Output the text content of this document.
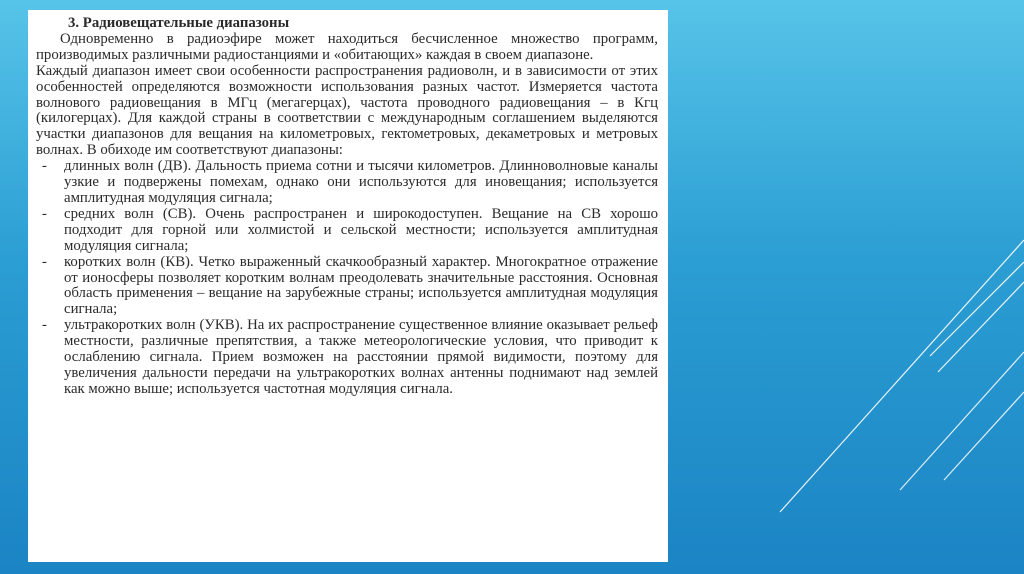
3. Радиовещательные диапазоны
Одновременно в радиоэфире может находиться бесчисленное множество программ, производимых различными радиостанциями и «обитающих» каждая в своем диапазоне.
Каждый диапазон имеет свои особенности распространения радиоволн, и в зависимости от этих особенностей определяются возможности использования разных частот. Измеряется частота волнового радиовещания в МГц (мегагерцах), частота проводного радиовещания – в Кгц (килогерцах). Для каждой страны в соответствии с международным соглашением выделяются участки диапазонов для вещания на километровых, гектометровых, декаметровых и метровых волнах. В обиходе им соответствуют диапазоны:
-	длинных волн (ДВ). Дальность приема сотни и тысячи километров. Длинноволновые каналы узкие и подвержены помехам, однако они используются для иновещания; используется амплитудная модуляция сигнала;
-	средних волн (СВ). Очень распространен и широкодоступен. Вещание на СВ хорошо подходит для горной или холмистой и сельской местности; используется амплитудная модуляция сигнала;
-	коротких волн (КВ). Четко выраженный скачкообразный характер. Многократное отражение от ионосферы позволяет коротким волнам преодолевать значительные расстояния. Основная область применения – вещание на зарубежные страны; используется амплитудная модуляция сигнала;
-	ультракоротких волн (УКВ). На их распространение существенное влияние оказывает рельеф местности, различные препятствия, а также метеорологические условия, что приводит к ослаблению сигнала. Прием возможен на расстоянии прямой видимости, поэтому для увеличения дальности передачи на ультракоротких волнах антенны поднимают над землей как можно выше; используется частотная модуляция сигнала.
